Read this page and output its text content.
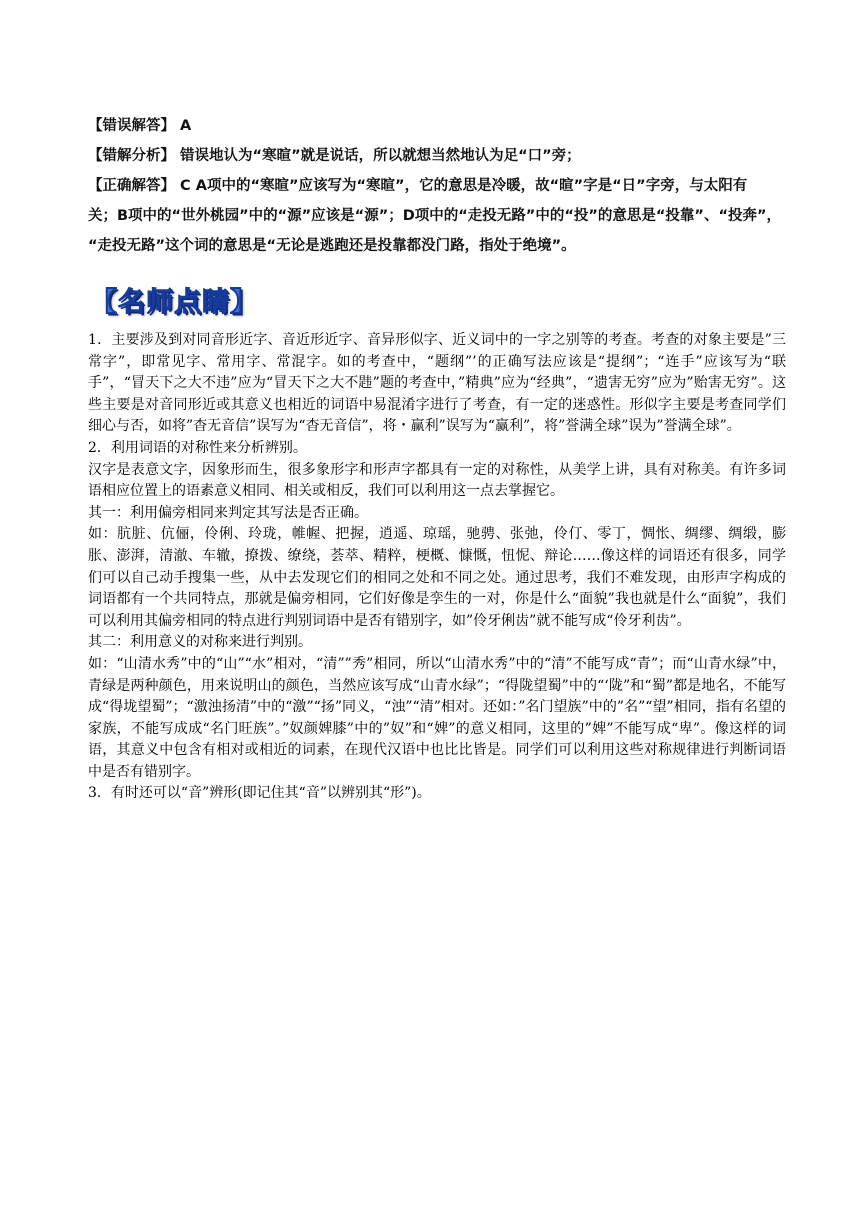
【错误解答】 A
【错解分析】 错误地认为“寒暄”就是说话，所以就想当然地认为足“口”旁；
【正确解答】 C A项中的“寒暄”应该写为“寒暄”，它的意思是冷暖，故“暄”字是“日”字旁，与太阳有
关；B项中的“世外桃园”中的“源”应该是“源”；D项中的“走投无路”中的“投”的意思是“投靠”、“投奔”，
“走投无路”这个词的意思是“无论是逃跑还是投靠都没门路，指处于绝境”。
【名师点睛】

1．主要涉及到对同音形近字、音近形近字、音异形似字、近义词中的一字之别等的考查。考查的对象主要是”三常字”，即常见字、常用字、常混字。如的考查中，“题纲”’的正确写法应该是“提纲”；“连手”应该写为“联手”，“冒天下之大不违”应为“冒天下之大不韪”题的考查中，”精典”应为“经典”，“遗害无穷”应为”贻害无穷”。这些主要是对音同形近或其意义也相近的词语中易混淆字进行了考查，有一定的迷惑性。形似字主要是考查同学们细心与否，如将”杳无音信”误写为“杳无音信”，将・赢利”误写为“赢利”，将”誉满全球”误为”誉满全球”。

2．利用词语的对称性来分析辨别。

汉字是表意文字，因象形而生，很多象形字和形声字都具有一定的对称性，从美学上讲，具有对称美。有许多词语相应位置上的语素意义相同、相关或相反，我们可以利用这一点去掌握它。

其一：利用偏旁相同来判定其写法是否正确。

如：肮脏、伉俪，伶俐、玲珑，帷幄、把握，逍遥、琼瑶，驰骋、张弛，伶仃、零丁，惆怅、绸缪、绸缎，膨胀、澎湃，清澈、车辙，撩拨、缭绕，荟萃、精粹，梗概、慷慨，忸怩、辩论……像这样的词语还有很多，同学们可以自己动手搜集一些，从中去发现它们的相同之处和不同之处。通过思考，我们不难发现，由形声字构成的词语都有一个共同特点，那就是偏旁相同，它们好像是孪生的一对，你是什么“面貌”我也就是什么“面貌”，我们可以利用其偏旁相同的特点进行判别词语中是否有错别字，如”伶牙俐齿”就不能写成“伶牙利齿”。

其二：利用意义的对称来进行判别。

如：“山清水秀”中的“山”“水”相对，“清””秀”相同，所以“山清水秀”中的“清”不能写成“青”；而“山青水绿”中，青绿是两种颜色，用来说明山的颜色，当然应该写成“山青水绿”；“得陇望蜀”中的“‘陇”和“蜀”都是地名，不能写成“得垅望蜀”；“激浊扬清”中的“激”“扬”同义，“浊”“清”相对。还如：”名门望族”中的”名”“望”相同，指有名望的家族，不能写成成“名门旺族”。”奴颜婢膝”中的”奴”和“婢”的意义相同，这里的”婢”不能写成“卑”。像这样的词语，其意义中包含有相对或相近的词素，在现代汉语中也比比皆是。同学们可以利用这些对称规律进行判断词语中是否有错别字。

3．有时还可以“音”辨形(即记住其“音”以辨别其“形”)。
